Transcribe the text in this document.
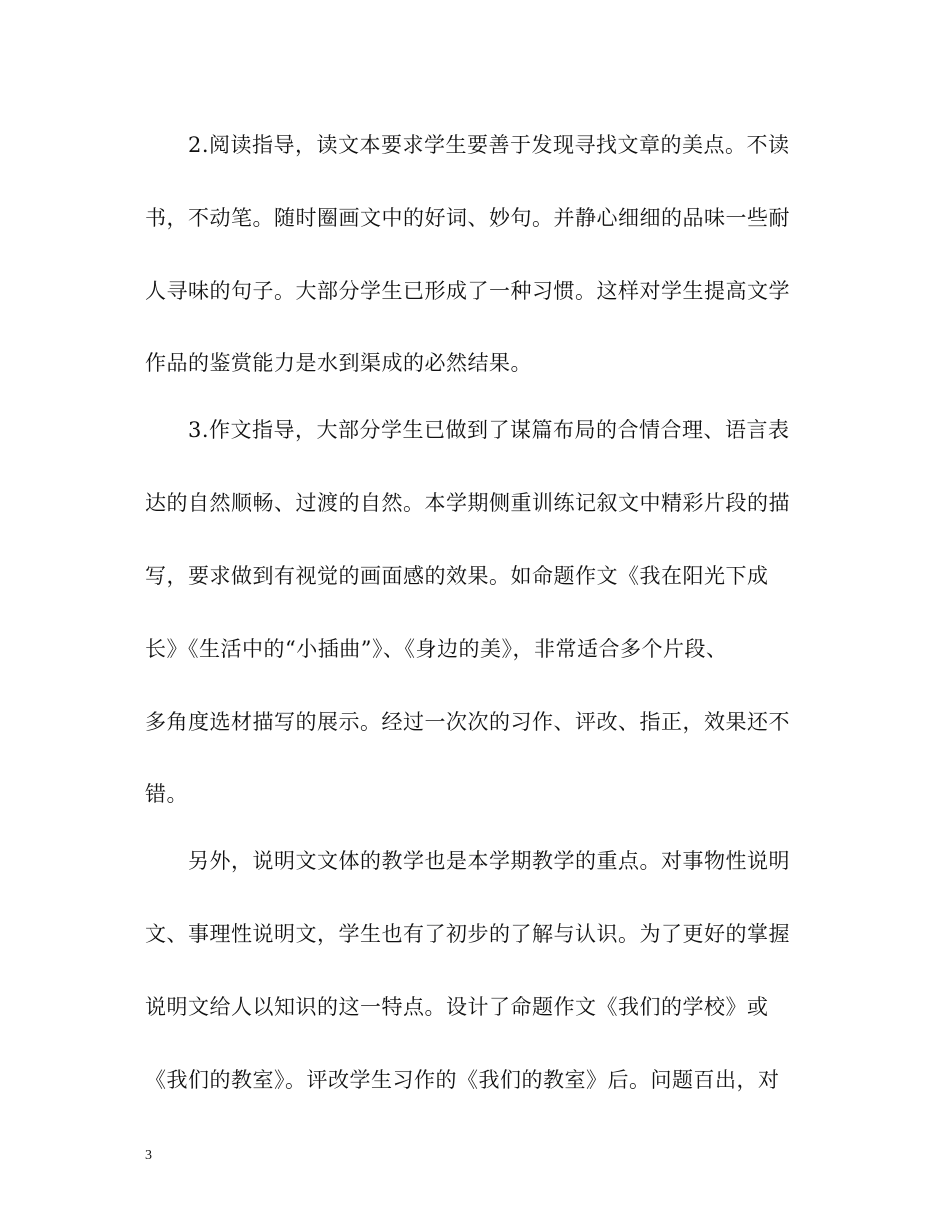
2.阅读指导，读文本要求学生要善于发现寻找文章的美点。不读
书，不动笔。随时圈画文中的好词、妙句。并静心细细的品味一些耐
人寻味的句子。大部分学生已形成了一种习惯。这样对学生提高文学
作品的鉴赏能力是水到渠成的必然结果。
3.作文指导，大部分学生已做到了谋篇布局的合情合理、语言表
达的自然顺畅、过渡的自然。本学期侧重训练记叙文中精彩片段的描
写，要求做到有视觉的画面感的效果。如命题作文《我在阳光下成
长》《生活中的“小插曲”》、《身边的美》，非常适合多个片段、
多角度选材描写的展示。经过一次次的习作、评改、指正，效果还不
错。
另外，说明文文体的教学也是本学期教学的重点。对事物性说明
文、事理性说明文，学生也有了初步的了解与认识。为了更好的掌握
说明文给人以知识的这一特点。设计了命题作文《我们的学校》或
《我们的教室》。评改学生习作的《我们的教室》后。问题百出，对
3
